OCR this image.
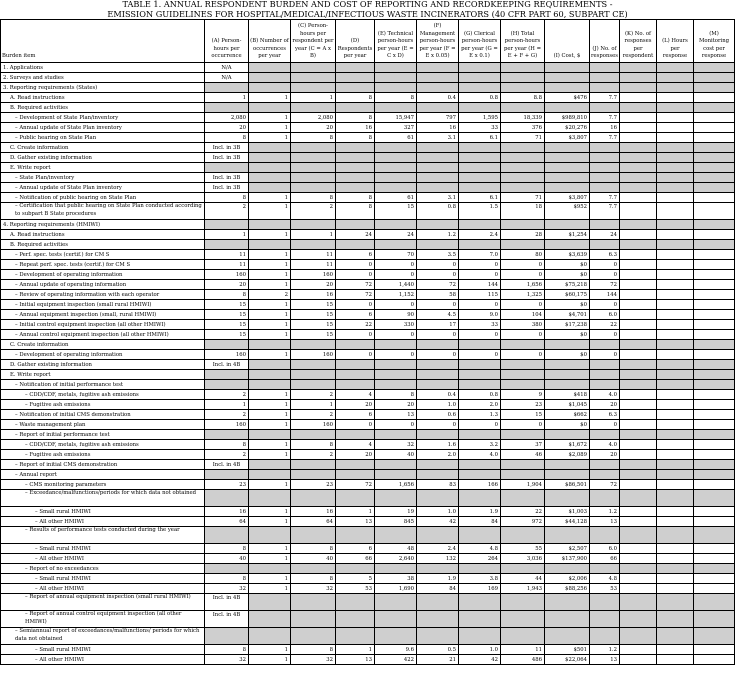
TABLE 1. ANNUAL RESPONDENT BURDEN AND COST OF REPORTING AND RECORDKEEPING REQUIREMENTS -
EMISSION GUIDELINES FOR HOSPITAL/MEDICAL/INFECTIOUS WASTE INCINERATORS (40 CFR PART 60, SUBPART CE)
Burden item	(A) Person-hours per occurrence	(B) Number of occurrences per year	(C) Person-hours per respondent per year (C = A x B)	(D) Respondents per year	(E) Technical person-hours per year (E = C x D)	(F) Management person-hours per year (F = E x 0.05)	(G) Clerical person-hours per year (G = E x 0.1)	(H) Total person-hours per year (H = E + F + G)	(I) Cost, $	(J) No. of responses	(K) No. of responses per respondent	(L) Hours per response	(M) Monitoring cost per response
1. Applications	N/A												
2. Surveys and studies	N/A												
3. Reporting requirements (States)													
A. Read instructions	1	1	1	8	8	0.4	0.8	8.8	$476	7.7			
B. Required activities													
– Development of State Plan/inventory	2,080	1	2,080	8	15,947	797	1,595	18,339	$989,810	7.7			
– Annual update of State Plan inventory	20	1	20	16	327	16	33	376	$20,276	16			
– Public hearing on State Plan	8	1	8	8	61	3.1	6.1	71	$3,807	7.7			
C. Create information	Incl. in 3B												
D. Gather existing information	Incl. in 3B												
E. Write report													
– State Plan/inventory	Incl. in 3B												
– Annual update of State Plan inventory	Incl. in 3B												
– Notification of public hearing on State Plan	8	1	8	8	61	3.1	6.1	71	$3,807	7.7			
– Certification that public hearing on State Plan conducted according to subpart B State procedures	2	1	2	8	15	0.8	1.5	18	$952	7.7			
4. Reporting requirements (HMIWI)													
A. Read instructions	1	1	1	24	24	1.2	2.4	28	$1,254	24			
B. Required activities													
– Perf. spec. tests (certif.) for CM S	11	1	11	6	70	3.5	7.0	80	$3,639	6.3			
– Repeat perf. spec. tests (certif.) for CM S	11	1	11	0	0	0	0	0	$0	0			
– Development of operating information	160	1	160	0	0	0	0	0	$0	0			
– Annual update of operating information	20	1	20	72	1,440	72	144	1,656	$75,218	72			
– Review of operating information with each operator	8	2	16	72	1,152	58	115	1,325	$60,175	144			
– Initial equipment inspection (small rural HMIWI)	15	1	15	0	0	0	0	0	$0	0			
– Annual equipment inspection (small, rural HMIWI)	15	1	15	6	90	4.5	9.0	104	$4,701	6.0			
– Initial control equipment inspection (all other HMIWI)	15	1	15	22	330	17	33	380	$17,238	22			
– Annual control equipment inspection (all other HMIWI)	15	1	15	0	0	0	0	0	$0	0			
C. Create information													
– Development of operating information	160	1	160	0	0	0	0	0	$0	0			
D. Gather existing information	Incl. in 4B												
E. Write report													
– Notification of initial performance test													
– CDD/CDF, metals, fugitive ash emissions	2	1	2	4	8	0.4	0.8	9	$418	4.0			
– Fugitive ash emissions	1	1	1	20	20	1.0	2.0	23	$1,045	20			
– Notification of initial CMS demonstration	2	1	2	6	13	0.6	1.3	15	$662	6.3			
– Waste management plan	160	1	160	0	0	0	0	0	$0	0			
– Report of initial performance test													
– CDD/CDF, metals, fugitive ash emissions	8	1	8	4	32	1.6	3.2	37	$1,672	4.0			
– Fugitive ash emissions	2	1	2	20	40	2.0	4.0	46	$2,089	20			
– Report of initial CMS demonstration	Incl. in 4B												
– Annual report													
– CMS monitoring parameters	23	1	23	72	1,656	83	166	1,904	$86,501	72			
– Exceedance/malfunctions/periods for which data not obtained													
– Small rural HMIWI	16	1	16	1	19	1.0	1.9	22	$1,003	1.2			
– All other HMIWI	64	1	64	13	845	42	84	972	$44,128	13			
– Results of performance tests conducted during the year													
– Small rural HMIWI	8	1	8	6	48	2.4	4.8	55	$2,507	6.0			
– All other HMIWI	40	1	40	66	2,640	132	264	3,036	$137,900	66			
– Report of no exceedances													
– Small rural HMIWI	8	1	8	5	38	1.9	3.8	44	$2,006	4.8			
– All other HMIWI	32	1	32	53	1,690	84	169	1,943	$88,256	53			
– Report of annual equipment inspection (small rural HMIWI)	Incl. in 4B												
– Report of annual control equipment inspection (all other HMIWI)	Incl. in 4B												
– Semiannual report of exceedances/malfunctions/ periods for which data not obtained													
– Small rural HMIWI	8	1	8	1	9.6	0.5	1.0	11	$501	1.2			
– All other HMIWI	32	1	32	13	422	21	42	486	$22,064	13			
